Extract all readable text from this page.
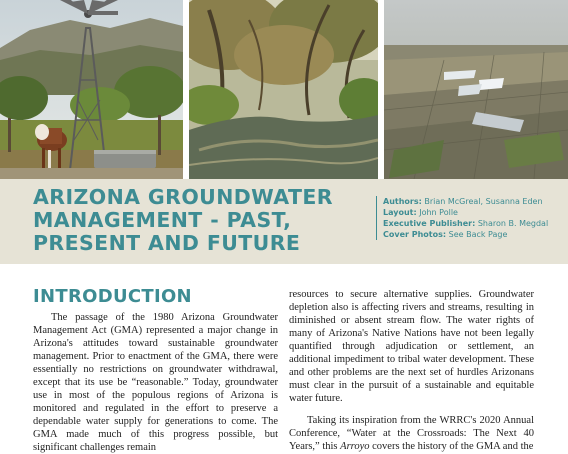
ARIZONA GROUNDWATER
MANAGEMENT - PAST,
PRESENT AND FUTURE
Authors: Brian McGreal, Susanna Eden
Layout: John Polle
Executive Publisher: Sharon B. Megdal
Cover Photos: See Back Page
INTRODUCTION

The passage of the 1980 Arizona Groundwater Management Act (GMA) represented a major change in Arizona's attitudes toward sustainable groundwater management. Prior to enactment of the GMA, there were essentially no restrictions on groundwater withdrawal, except that its use be “reasonable.” Today, groundwater use in most of the populous regions of Arizona is monitored and regulated in the effort to preserve a dependable water supply for generations to come. The GMA made much of this progress possible, but significant challenges remain

resources to secure alternative supplies. Groundwater depletion also is affecting rivers and streams, resulting in diminished or absent stream flow. The water rights of many of Arizona's Native Nations have not been legally quantified through adjudication or settlement, an additional impediment to tribal water development. These and other problems are the next set of hurdles Arizonans must clear in the pursuit of a sustainable and equitable water future.

Taking its inspiration from the WRRC's 2020 Annual Conference, “Water at the Crossroads: The Next 40 Years,” this Arroyo covers the history of the GMA and the
